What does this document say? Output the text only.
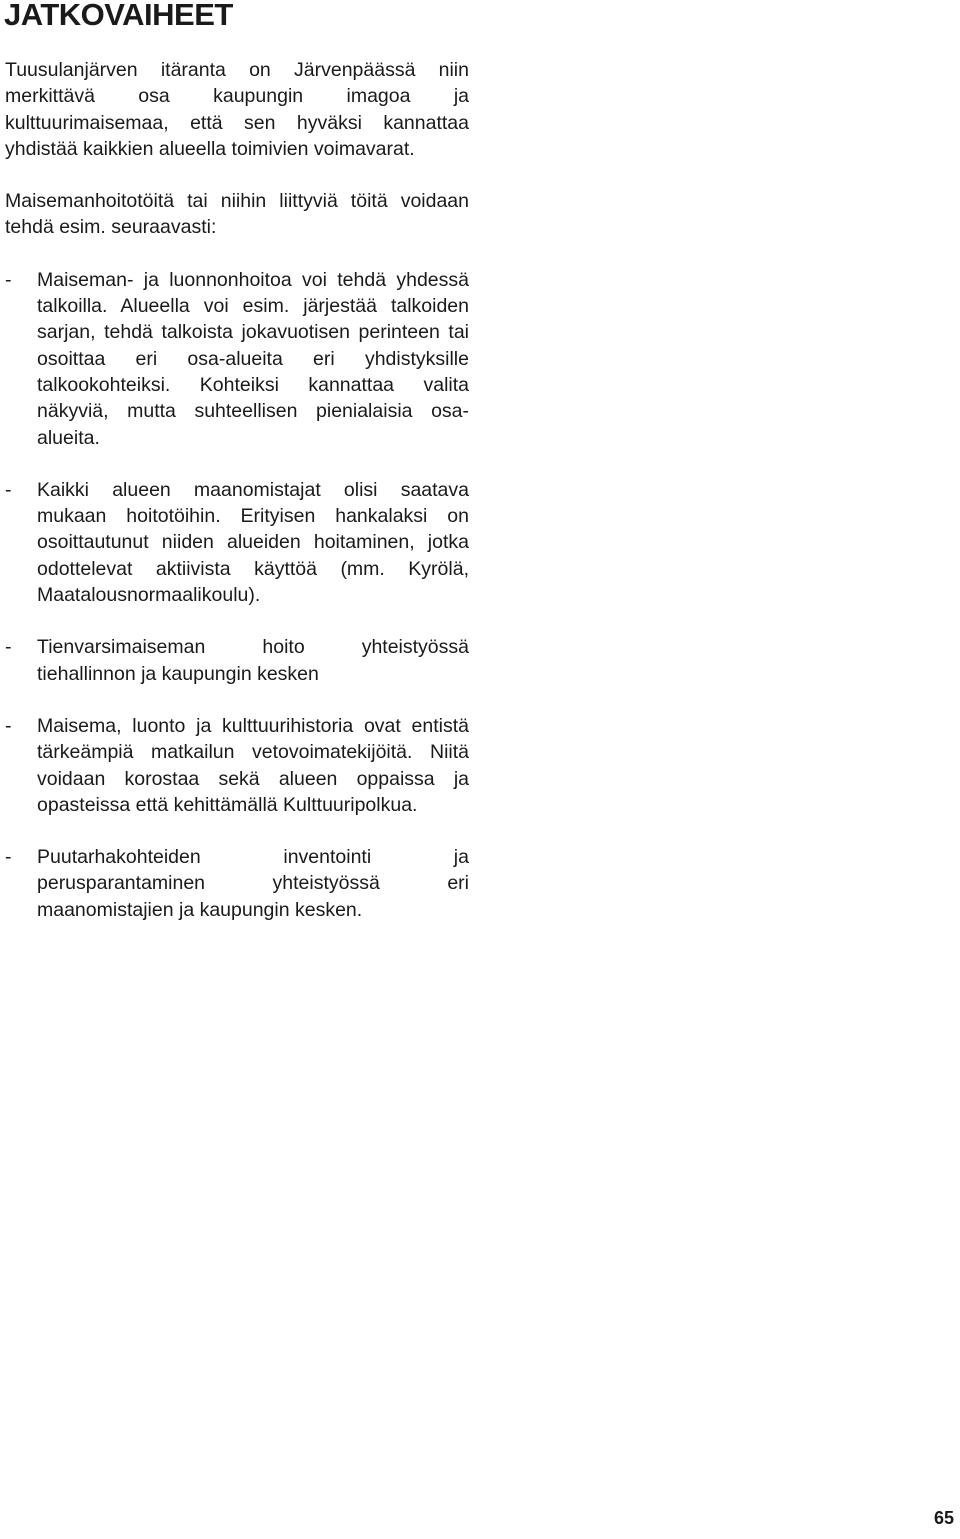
JATKOVAIHEET

Tuusulanjärven itäranta on Järvenpäässä niin merkittävä osa kaupungin imagoa ja kulttuurimaisemaa, että sen hyväksi kannattaa yhdistää kaikkien alueella toimivien voimavarat.

Maisemanhoitotöitä tai niihin liittyviä töitä voidaan tehdä esim. seuraavasti:

- Maiseman- ja luonnonhoitoa voi tehdä yhdessä talkoilla. Alueella voi esim. järjestää talkoiden sarjan, tehdä talkoista jokavuotisen perinteen tai osoittaa eri osa-alueita eri yhdistyksille talkookohteiksi. Kohteiksi kannattaa valita näkyviä, mutta suhteellisen pienialaisia osa-alueita.
- Kaikki alueen maanomistajat olisi saatava mukaan hoitotöihin. Erityisen hankalaksi on osoittautunut niiden alueiden hoitaminen, jotka odottelevat aktiivista käyttöä (mm. Kyrölä, Maatalousnormaalikoulu).
- Tienvarsimaiseman hoito yhteistyössä tiehallinnon ja kaupungin kesken
- Maisema, luonto ja kulttuurihistoria ovat entistä tärkeämpiä matkailun vetovoimatekijöitä. Niitä voidaan korostaa sekä alueen oppaissa ja opasteissa että kehittämällä Kulttuuripolkua.
- Puutarhakohteiden inventointi ja perusparantaminen yhteistyössä eri maanomistajien ja kaupungin kesken.
65
